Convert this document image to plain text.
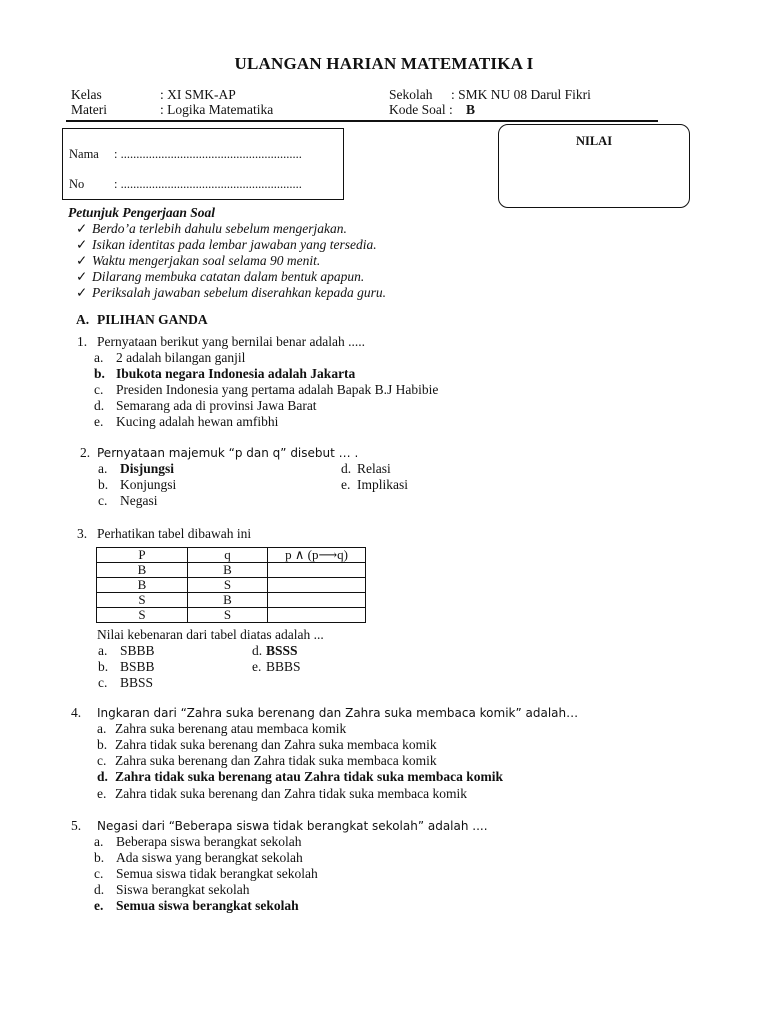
ULANGAN HARIAN MATEMATIKA I
Kelas	: XI SMK-AP
Materi	: Logika Matematika
Sekolah : SMK NU 08 Darul Fikri
Kode Soal : B
Nama : ..........................................................
No : ..........................................................
NILAI
Petunjuk Pengerjaan Soal
✓ Berdo’a terlebih dahulu sebelum mengerjakan.
✓ Isikan identitas pada lembar jawaban yang tersedia.
✓ Waktu mengerjakan soal selama 90 menit.
✓ Dilarang membuka catatan dalam bentuk apapun.
✓ Periksalah jawaban sebelum diserahkan kepada guru.
A. PILIHAN GANDA
1. Pernyataan berikut yang bernilai benar adalah .....
a. 2 adalah bilangan ganjil
b. Ibukota negara Indonesia adalah Jakarta
c. Presiden Indonesia yang pertama adalah Bapak B.J Habibie
d. Semarang ada di provinsi Jawa Barat
e. Kucing adalah hewan amfibhi
2. Pernyataan majemuk “p dan q” disebut … .
a. Disjungsi
b. Konjungsi
c. Negasi
d. Relasi
e. Implikasi
3. Perhatikan tabel dibawah ini
P	q	p ∧ (p⟶q)
B	B	
B	S	
S	B	
S	S	
Nilai kebenaran dari tabel diatas adalah ...
a. SBBB
b. BSBB
c. BBSS
d. BSSS
e. BBBS
4. Ingkaran dari “Zahra suka berenang dan Zahra suka membaca komik” adalah…
a. Zahra suka berenang atau membaca komik
b. Zahra tidak suka berenang dan Zahra suka membaca komik
c. Zahra suka berenang dan Zahra tidak suka membaca komik
d. Zahra tidak suka berenang atau Zahra tidak suka membaca komik
e. Zahra tidak suka berenang dan Zahra tidak suka membaca komik
5. Negasi dari “Beberapa siswa tidak berangkat sekolah” adalah ....
a. Beberapa siswa berangkat sekolah
b. Ada siswa yang berangkat sekolah
c. Semua siswa tidak berangkat sekolah
d. Siswa berangkat sekolah
e. Semua siswa berangkat sekolah
